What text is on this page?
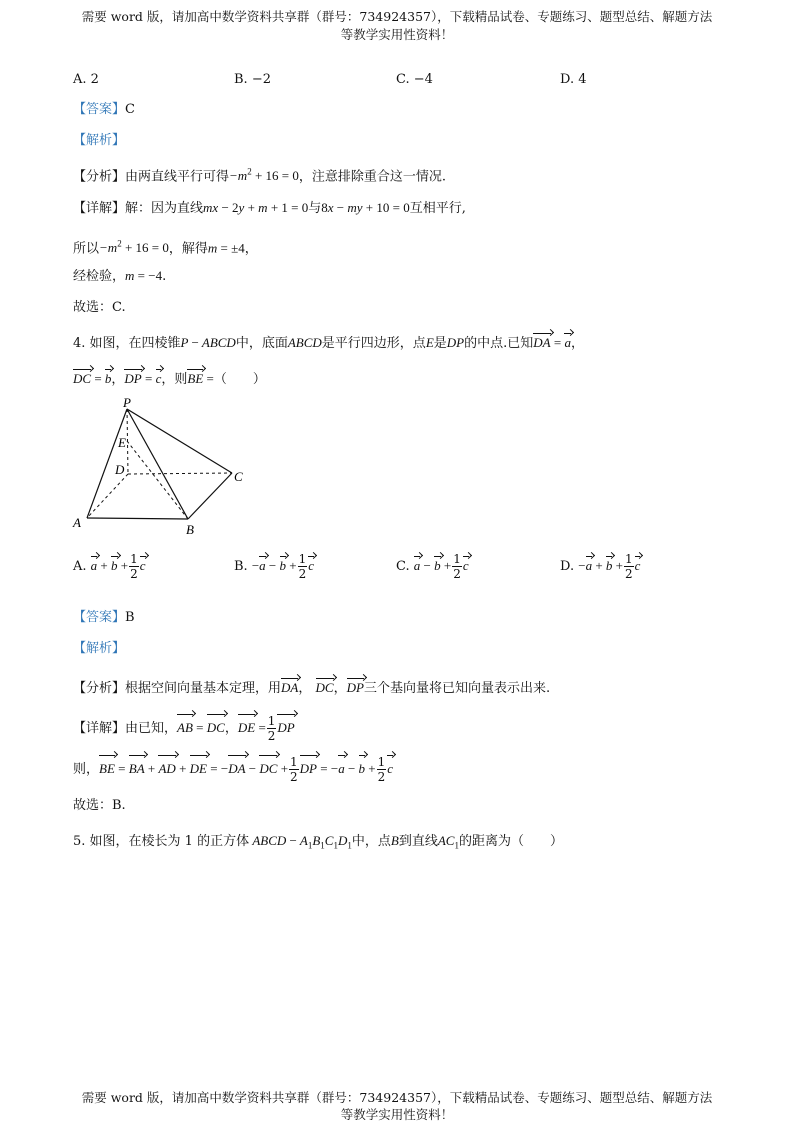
需要 word 版，请加高中数学资料共享群（群号：734924357），下载精品试卷、专题练习、题型总结、解题方法
等教学实用性资料！
A. 2	B. −2	C. −4	D. 4
【答案】C
【解析】
【分析】由两直线平行可得$-m^2 + 16 = 0$，注意排除重合这一情况.
【详解】解：因为直线mx − 2y + m + 1 = 0与8x − my + 10 = 0互相平行,
所以$-m^2 + 16 = 0$，解得m = ±4，
经检验，m = −4.
故选：C.
4. 如图，在四棱锥P − ABCD中，底面ABCD是平行四边形，点E是DP的中点.已知DA = a，
DC = b，DP = c，则BE =（　　）
P
E
D	C
A	B
A. $a + b + \frac{1}{2}$ c	B. $-a - b + \frac{1}{2}$ c	C. $a - b + \frac{1}{2}$ c	D. $-a + b + \frac{1}{2}$ c
【答案】B
【解析】
【分析】根据空间向量基本定理，用DA， DC，DP三个基向量将已知向量表示出来.
【详解】由已知，AB = DC，DE = $\frac{1}{2}$ DP
则，BE = BA + AD + DE = −DA − DC + $\frac{1}{2}$ DP = $-a - b + \frac{1}{2}$ c
故选：B.
5. 如图，在棱长为 1 的正方体 ABCD − $A_1B_1C_1D_1$中，点B到直线$AC_1$的距离为（　　）
需要 word 版，请加高中数学资料共享群（群号：734924357），下载精品试卷、专题练习、题型总结、解题方法
等教学实用性资料！
